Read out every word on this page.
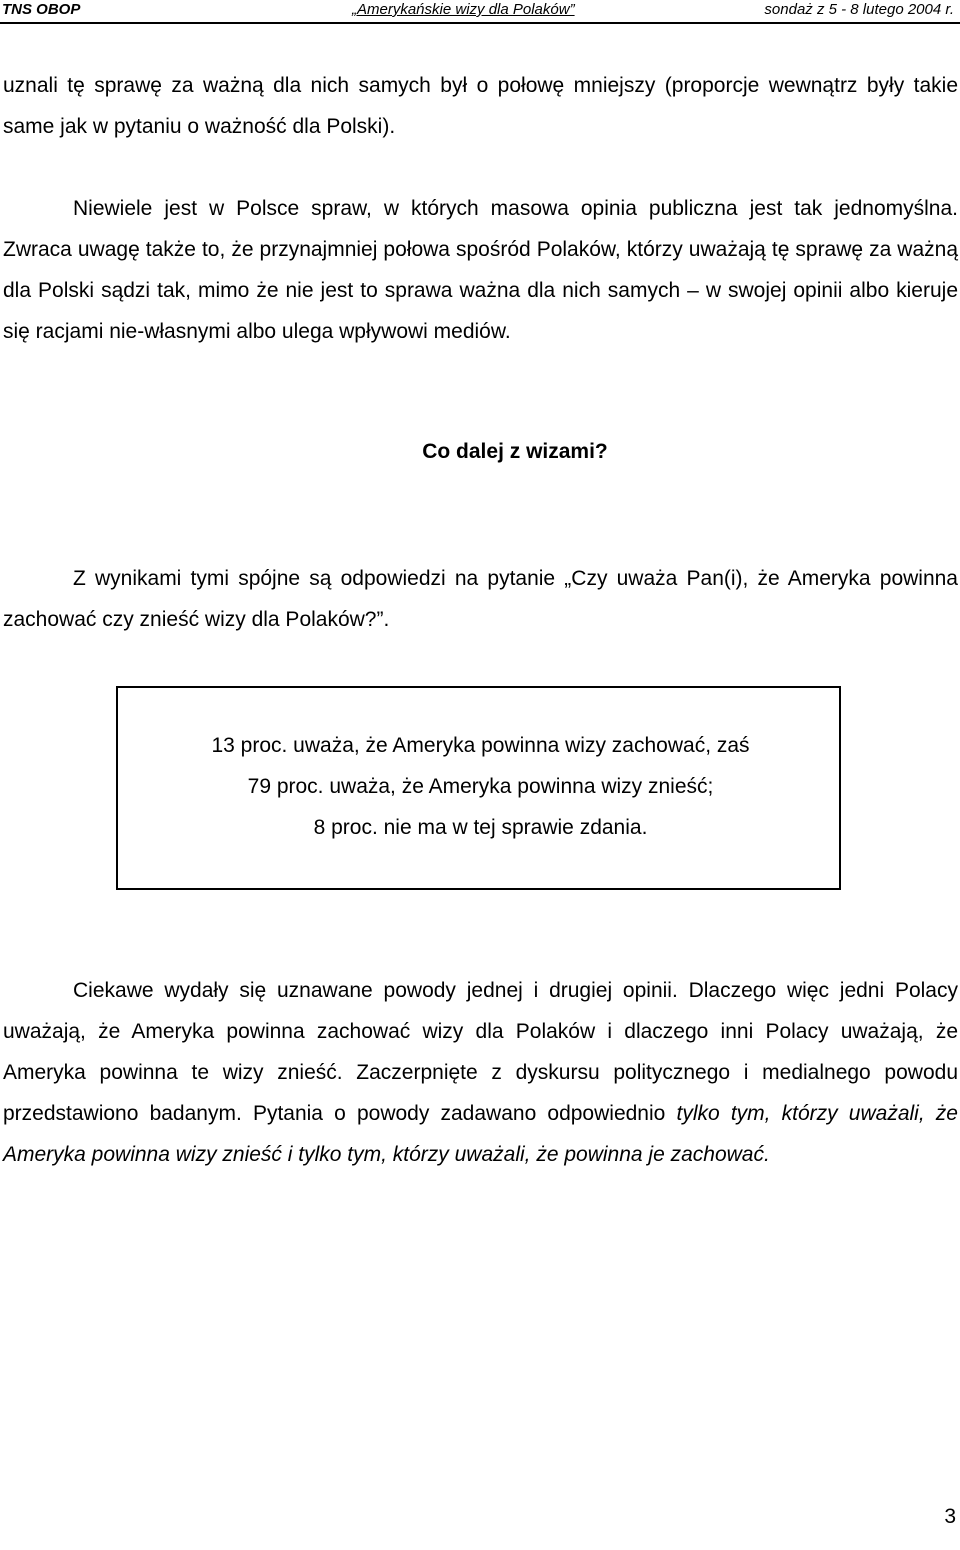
TNS OBOP	„Amerykańskie wizy dla Polaków”	sondaż z 5 - 8 lutego 2004 r.

uznali tę sprawę za ważną dla nich samych był o połowę mniejszy (proporcje wewnątrz były takie same jak w pytaniu o ważność dla Polski).

Niewiele jest w Polsce spraw, w których masowa opinia publiczna jest tak jednomyślna. Zwraca uwagę także to, że przynajmniej połowa spośród Polaków, którzy uważają tę sprawę za ważną dla Polski sądzi tak, mimo że nie jest to sprawa ważna dla nich samych – w swojej opinii albo kieruje się racjami nie-własnymi albo ulega wpływowi mediów.

Co dalej z wizami?

Z wynikami tymi spójne są odpowiedzi na pytanie „Czy uważa Pan(i), że Ameryka powinna zachować czy znieść wizy dla Polaków?”.

13 proc. uważa, że Ameryka powinna wizy zachować, zaś
79 proc. uważa, że Ameryka powinna wizy znieść;
8 proc. nie ma w tej sprawie zdania.

Ciekawe wydały się uznawane powody jednej i drugiej opinii. Dlaczego więc jedni Polacy uważają, że Ameryka powinna zachować wizy dla Polaków i dlaczego inni Polacy uważają, że Ameryka powinna te wizy znieść. Zaczerpnięte z dyskursu politycznego i medialnego powodu przedstawiono badanym. Pytania o powody zadawano odpowiednio tylko tym, którzy uważali, że Ameryka powinna wizy znieść i tylko tym, którzy uważali, że powinna je zachować.

3
